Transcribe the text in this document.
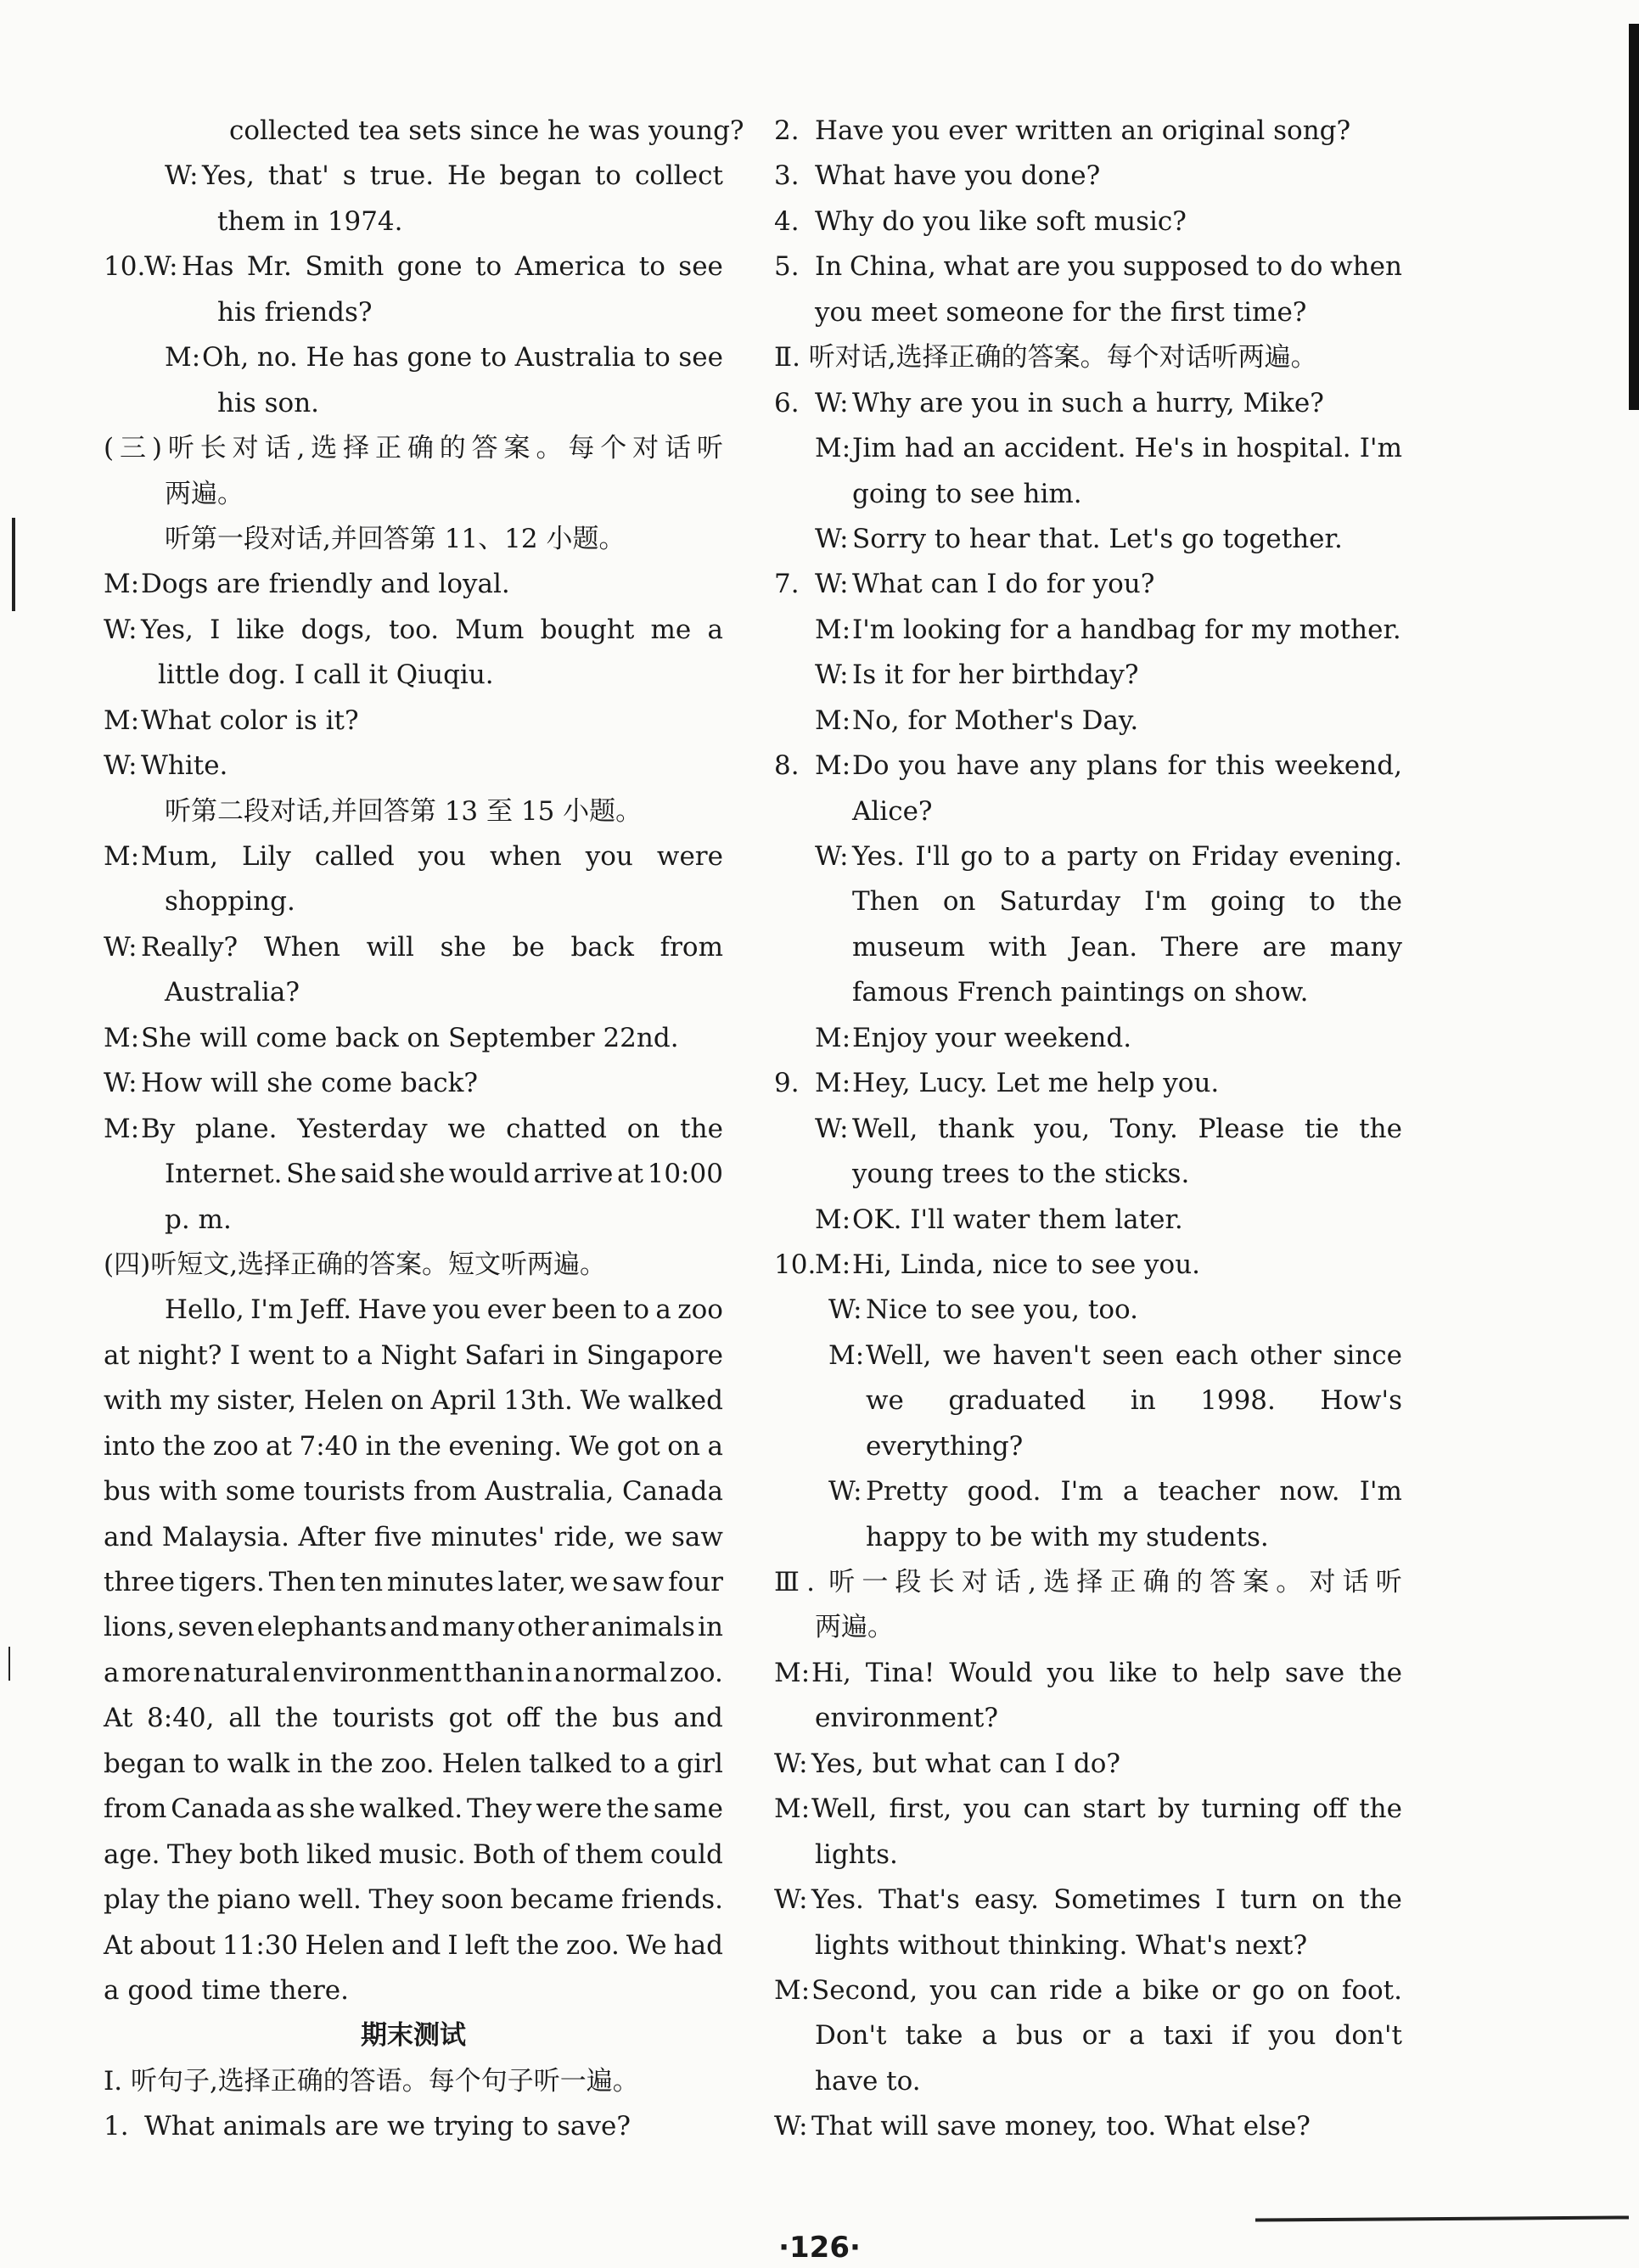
collected tea sets since he was young?
W: Yes, that' s true. He began to collect
them in 1974.
10.
W: Has Mr. Smith gone to America to see
his friends?
M: Oh, no. He has gone to Australia to see
his son.
( 三 ) 听 长 对 话 , 选 择 正 确 的 答 案 。 每 个 对 话 听
两遍。
听第一段对话,并回答第 11、12 小题。
M: Dogs are friendly and loyal.
W: Yes, I like dogs, too. Mum bought me a
little dog. I call it Qiuqiu.
M: What color is it?
W: White.
听第二段对话,并回答第 13 至 15 小题。
M: Mum, Lily called you when you were
shopping.
W: Really? When will she be back from
Australia?
M: She will come back on September 22nd.
W: How will she come back?
M: By plane. Yesterday we chatted on the
Internet. She said she would arrive at 10:00
p. m.
(四)听短文,选择正确的答案。短文听两遍。
Hello, I'm Jeff. Have you ever been to a zoo
at night? I went to a Night Safari in Singapore
with my sister, Helen on April 13th. We walked
into the zoo at 7:40 in the evening. We got on a
bus with some tourists from Australia, Canada
and Malaysia. After five minutes' ride, we saw
three tigers. Then ten minutes later, we saw four
lions, seven elephants and many other animals in
a more natural environment than in a normal zoo.
At 8:40, all the tourists got off the bus and
began to walk in the zoo. Helen talked to a girl
from Canada as she walked. They were the same
age. They both liked music. Both of them could
play the piano well. They soon became friends.
At about 11:30 Helen and I left the zoo. We had
a good time there.
期末测试
Ⅰ. 听句子,选择正确的答语。每个句子听一遍。
1. What animals are we trying to save?
2. Have you ever written an original song?
3. What have you done?
4. Why do you like soft music?
5. In China, what are you supposed to do when
you meet someone for the first time?
Ⅱ. 听对话,选择正确的答案。每个对话听两遍。
6. W: Why are you in such a hurry, Mike?
M: Jim had an accident. He's in hospital. I'm
going to see him.
W: Sorry to hear that. Let's go together.
7. W: What can I do for you?
M: I'm looking for a handbag for my mother.
W: Is it for her birthday?
M: No, for Mother's Day.
8. M: Do you have any plans for this weekend,
Alice?
W: Yes. I'll go to a party on Friday evening.
Then on Saturday I'm going to the
museum with Jean. There are many
famous French paintings on show.
M: Enjoy your weekend.
9. M: Hey, Lucy. Let me help you.
W: Well, thank you, Tony. Please tie the
young trees to the sticks.
M: OK. I'll water them later.
10.
M: Hi, Linda, nice to see you.
W: Nice to see you, too.
M: Well, we haven't seen each other since
we graduated in 1998. How's
everything?
W: Pretty good. I'm a teacher now. I'm
happy to be with my students.
Ⅲ . 听 一 段 长 对 话 , 选 择 正 确 的 答 案 。 对 话 听
两遍。
M: Hi, Tina! Would you like to help save the
environment?
W: Yes, but what can I do?
M: Well, first, you can start by turning off the
lights.
W: Yes. That's easy. Sometimes I turn on the
lights without thinking. What's next?
M: Second, you can ride a bike or go on foot.
Don't take a bus or a taxi if you don't
have to.
W: That will save money, too. What else?
·126·
